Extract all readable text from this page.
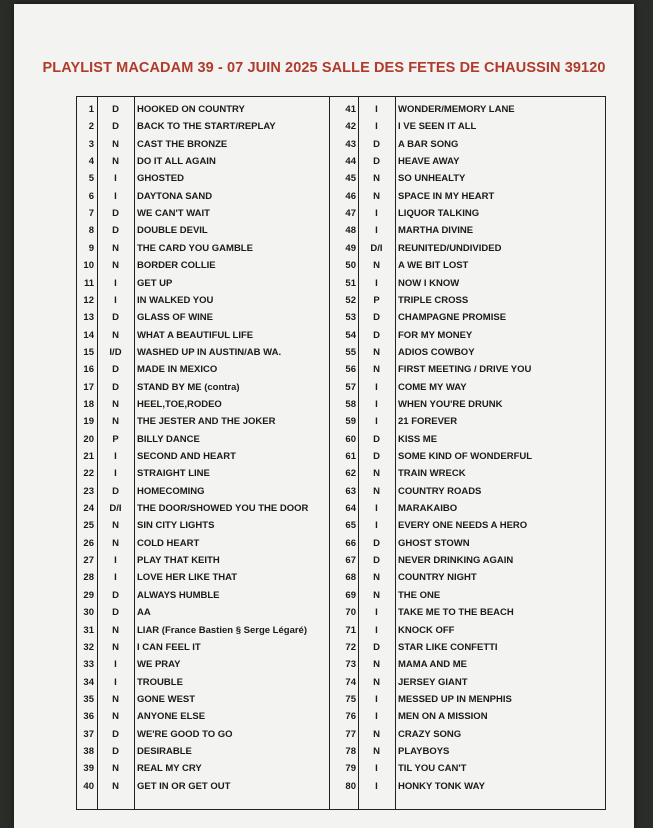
PLAYLIST MACADAM 39 - 07 JUIN 2025 SALLE DES FETES DE CHAUSSIN 39120
1	D	HOOKED ON COUNTRY	41	I	WONDER/MEMORY LANE
2	D	BACK TO THE START/REPLAY	42	I	I VE SEEN IT ALL
3	N	CAST THE BRONZE	43	D	A BAR SONG
4	N	DO IT ALL AGAIN	44	D	HEAVE AWAY
5	I	GHOSTED	45	N	SO UNHEALTY
6	I	DAYTONA SAND	46	N	SPACE IN MY HEART
7	D	WE CAN'T WAIT	47	I	LIQUOR TALKING
8	D	DOUBLE DEVIL	48	I	MARTHA DIVINE
9	N	THE CARD YOU GAMBLE	49	D/I	REUNITED/UNDIVIDED
10	N	BORDER COLLIE	50	N	A WE BIT LOST
11	I	GET UP	51	I	NOW I KNOW
12	I	IN WALKED YOU	52	P	TRIPLE CROSS
13	D	GLASS OF WINE	53	D	CHAMPAGNE PROMISE
14	N	WHAT A BEAUTIFUL LIFE	54	D	FOR MY MONEY
15	I/D	WASHED UP IN AUSTIN/AB WA.	55	N	ADIOS COWBOY
16	D	MADE IN MEXICO	56	N	FIRST MEETING / DRIVE YOU
17	D	STAND BY ME (contra)	57	I	COME MY WAY
18	N	HEEL,TOE,RODEO	58	I	WHEN YOU'RE DRUNK
19	N	THE JESTER AND THE JOKER	59	I	21 FOREVER
20	P	BILLY DANCE	60	D	KISS ME
21	I	SECOND AND HEART	61	D	SOME KIND OF WONDERFUL
22	I	STRAIGHT LINE	62	N	TRAIN WRECK
23	D	HOMECOMING	63	N	COUNTRY ROADS
24	D/I	THE DOOR/SHOWED YOU THE DOOR	64	I	MARAKAIBO
25	N	SIN CITY LIGHTS	65	I	EVERY ONE NEEDS A HERO
26	N	COLD HEART	66	D	GHOST STOWN
27	I	PLAY THAT KEITH	67	D	NEVER DRINKING AGAIN
28	I	LOVE HER LIKE THAT	68	N	COUNTRY NIGHT
29	D	ALWAYS HUMBLE	69	N	THE ONE
30	D	AA	70	I	TAKE ME TO THE BEACH
31	N	LIAR (France Bastien § Serge Légaré)	71	I	KNOCK OFF
32	N	I CAN FEEL IT	72	D	STAR LIKE CONFETTI
33	I	WE PRAY	73	N	MAMA AND ME
34	I	TROUBLE	74	N	JERSEY GIANT
35	N	GONE WEST	75	I	MESSED UP IN MENPHIS
36	N	ANYONE ELSE	76	I	MEN ON A MISSION
37	D	WE'RE GOOD TO GO	77	N	CRAZY SONG
38	D	DESIRABLE	78	N	PLAYBOYS
39	N	REAL MY CRY	79	I	TIL YOU CAN'T
40	N	GET IN OR GET OUT	80	I	HONKY TONK WAY
